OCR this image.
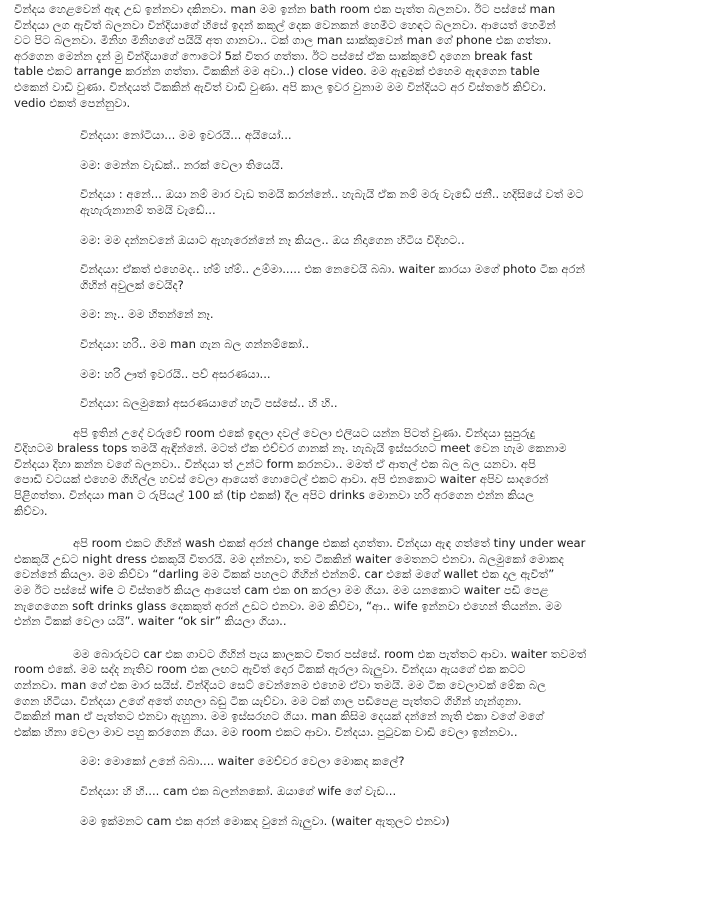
වින්දය හෙළවෙන් ඇඳ උඩ ඉන්නවා දකිනවා. man මම ඉන්න bath room එක පැත්ත බලනවා. ඊට පස්සේ man
වින්දයා ලග ඇවිත් බලනවා වින්දියාගේ හිසේ ඉදන් කකුල් දෙක වෙනකන් හෙමීට හෙඳට බලනවා. ආයෙත් හෙමින්
වට පිට බලනවා. මිනිහ මිනිහගේ පයියි අත ගානවා.. ටක් ගාල man සාක්කුවෙන් man ගේ phone එක ගත්තා.
අරගෙන මෙන්න දැන් මු වින්දියාගේ ෆොටෝ 5ක් විතර ගත්තා. ඊට පස්සේ ඒක සාක්කුවේ දාගෙන break fast
table එකට arrange කරන්න ගත්තා. ටිකකින් මම අවා..) close video. මම ඇඳුමක් එහෙම ඇඳගෙන table
එකෙන් වාඩි වුණා. වින්දයත් ටිකකින් ඇවිත් වාඩි වුණා. අපි කාල ඉවර වුනාම මම වින්දියට අර විස්තරේ කිව්වා.
vedio එකත් පෙන්නුවා.
වින්දයා: නෝටියා... මම ඉවරයි... අයියෝ...
මම: මෙන්න වැඩක්.. නරක් වෙලා තියෙයි.
වින්දයා : අනේ... ඔයා නම් මාර වැඩ තමයි කරන්නේ.. හැබැයි ඒක නම් මරු වැඩේ ජනී.. හදිසියේ වත් මට
ඇහැරුනානම් තමයි වැඩේ...
මම: මම දන්නවනේ ඔයාට ඇහැරෙන්නේ නෑ කියල.. ඔය නිදාගෙන හිටිය විදිහට..
වින්දයා: ඒකත් එහෙමද.. හ්ම් හ්ම්.. උම්මා..... එක නෙවෙයි බබා. waiter කාරයා මගේ photo ටික අරන්
ගිහින් අවුලක් වෙයිද?
මම: නෑ.. මම හිතන්නේ නෑ.
වින්දයා: හරි.. මම man ගැන බල ගන්නම්කෝ..
මම: හරි ඌත් ඉවරයි.. පව් අසරණයා...
වින්දයා: බලමුකෝ අසරණයාගේ හැටි පස්සේ.. හි හි..
අපි ඉතින් උදේ වරුවේ room එකේ ඉඳලා දවල් වෙලා එලියට යන්න පිටත් වුණා. වින්දයා සුපුරුදු
විදිහටම braless tops තමයි ඇඳින්නේ. මටත් ඒක එච්චර ගානක් නෑ. හැබැයි ඉස්සරහට meet වෙන හැම කෙනාම
වින්දයා දිහා කන්න වගේ බලනවා.. වින්දයා ත් උන්ට form කරනවා.. මමත් ඒ ආතල් එක බල බල යනවා. අපි
පොඩි වටයක් එහෙම ගිහිල්ල හවස් වෙලා ආයෙත් හොටෙල් එකට ආවා. අපි එනකොට waiter අපිව සාදරෙන්
පිළිගත්තා. වින්දයා man ට රුපියල් 100 ක් (tip එකක්) දීල අපිට drinks මොනවා හරි අරගෙන එන්න කියල
කිව්වා.
අපි room එකට ගිහින් wash එකක් අරන් change එකක් දාගත්තා. වින්දයා ඇඳ ගත්තේ tiny under wear
එකකුයි උඩට night dress එකකුයි විතරයි. මම දන්නවා, තව ටිකකින් waiter මෙතනට එනවා. බලමුකෝ මොකද
වෙන්නේ කියලා. මම කිව්වා “darling මම ටිකක් පහලට ගිහින් එන්නම්. car එකේ මගේ wallet එක දාල ඇවිත්”
මම ඊට පස්සේ wife ට විස්තරේ කියල ආයෙත් cam එක on කරලා මම ගියා. මම යනකොට waiter පඩි පෙළ
නැගෙගෙන soft drinks glass දෙකකුත් අරන් උඩට එනවා. මම කිව්වා, “ආ.. wife ඉන්නවා එහෙන් තියන්න. මම
එන්න ටිකක් වෙලා යයි”. waiter “ok sir” කියලා ගියා..
මම බොරුවට car එක ගාවට ගිහින් පැය කාලකට විතර පස්සේ. room එක පැත්තට ආවා. waiter තවමත්
room එකේ. මම සද්ද නැතිව room එක ලඟට ඇවිත් දොර ටිකක් ඇරලා බැලුවා. වින්දයා ඇයගේ එක කටට
ගන්නවා. man ගේ එක මාර සයිස්. වින්දියට සෙට් වෙන්නෙම එහෙම ඒවා තමයි. මම ටික වෙලාවක් මේක බල
ගෙන හිටියා. වින්දයා උගේ අතේ ගහලා බඩු ටික යැව්වා. මම ටක් ගාල පඩිපෙළ පැත්තට ගිහින් හැන්ගුනා.
ටිකකින් man ඒ පැත්තට එනවා ඇහුනා. මම ඉස්සරහට ගියා. man කිසිම දෙයක් දන්නේ නැති එකා වගේ මගේ
එක්ක හිනා වෙලා මාව පහු කරගෙන ගියා. මම room එකට ආවා. වින්දයා. පුටුවක වාඩි වෙලා ඉන්නවා..
මම: මොකෝ උනේ බබා.... waiter මෙච්චර වෙලා මොකද කලේ?
වින්දයා: හි හි.... cam එක බලන්නකෝ. ඔයාගේ wife ගේ වැඩ...
මම ඉක්මනට cam එක අරන් මොකද වුනේ බැලුවා. (waiter ඇතුලට එනවා)
